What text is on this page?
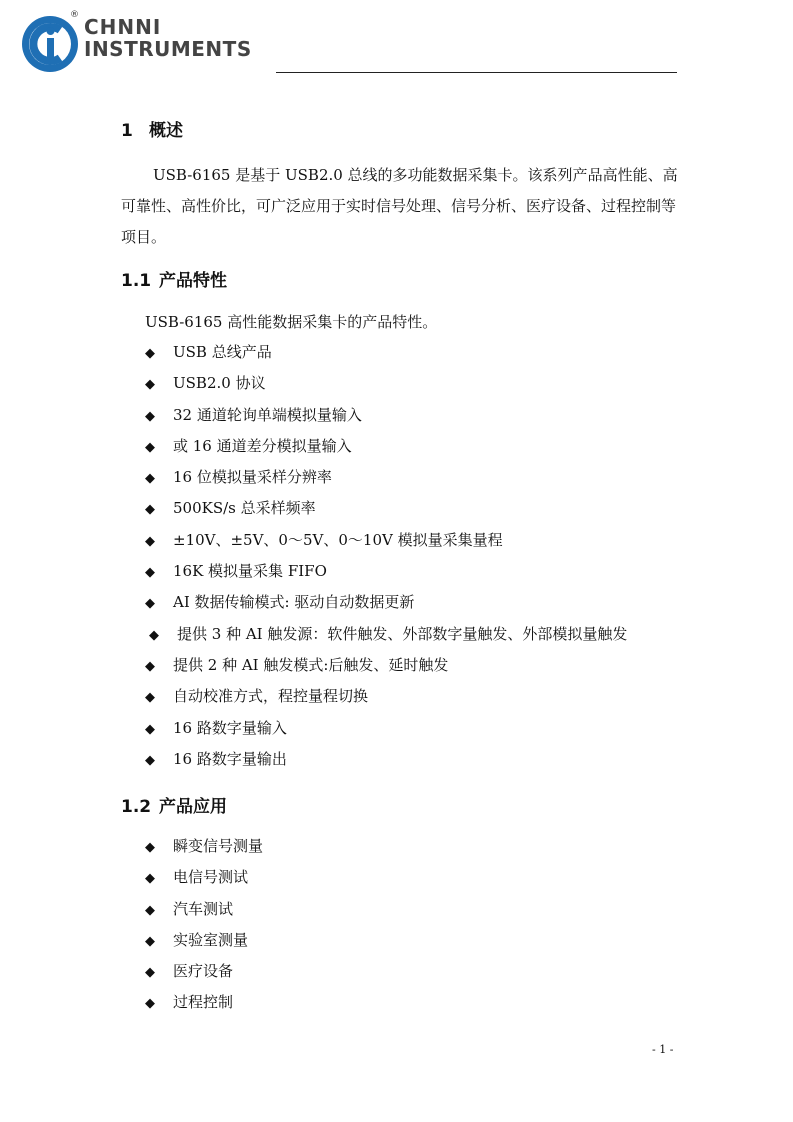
® CHNNI
INSTRUMENTS
1 概述
USB-6165 是基于 USB2.0 总线的多功能数据采集卡。该系列产品高性能、高可靠性、高性价比，可广泛应用于实时信号处理、信号分析、医疗设备、过程控制等项目。
1.1 产品特性
USB-6165 高性能数据采集卡的产品特性。
◆ USB 总线产品
◆ USB2.0 协议
◆ 32 通道轮询单端模拟量输入
◆ 或 16 通道差分模拟量输入
◆ 16 位模拟量采样分辨率
◆ 500KS/s 总采样频率
◆ ±10V、±5V、0～5V、0～10V 模拟量采集量程
◆ 16K 模拟量采集 FIFO
◆ AI 数据传输模式: 驱动自动数据更新
◆ 提供 3 种 AI 触发源：软件触发、外部数字量触发、外部模拟量触发
◆ 提供 2 种 AI 触发模式:后触发、延时触发
◆ 自动校准方式，程控量程切换
◆ 16 路数字量输入
◆ 16 路数字量输出
1.2 产品应用
◆ 瞬变信号测量
◆ 电信号测试
◆ 汽车测试
◆ 实验室测量
◆ 医疗设备
◆ 过程控制
- 1 -
